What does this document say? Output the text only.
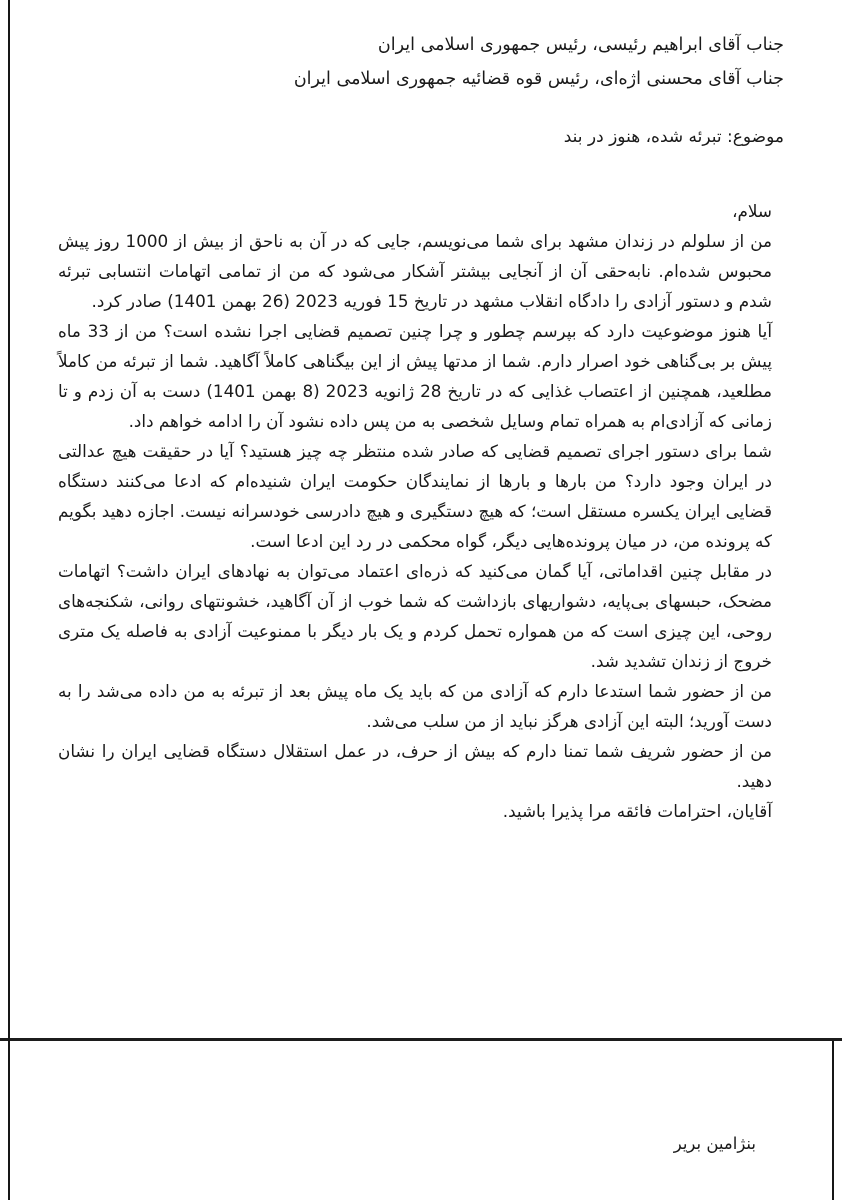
جناب آقای ابراهیم رئیسی، رئیس جمهوری اسلامی ایران
جناب آقای محسنی اژه‌ای، رئیس قوه قضائیه جمهوری اسلامی ایران
موضوع: تبرئه شده، هنوز در بند

سلام،

من از سلولم در زندان مشهد برای شما می‌نویسم، جایی که در آن به ناحق از بیش از 1000 روز پیش محبوس شده‌ام. نابه‌حقی آن از آنجایی بیشتر آشکار می‌شود که من از تمامی اتهامات انتسابی تبرئه شدم و دستور آزادی را دادگاه انقلاب مشهد در تاریخ 15 فوریه 2023 (26 بهمن 1401) صادر کرد.

آیا هنوز موضوعیت دارد که بپرسم چطور و چرا چنین تصمیم قضایی اجرا نشده است؟ من از 33 ماه پیش بر بی‌گناهی خود اصرار دارم. شما از مدتها پیش از این بیگناهی کاملاً آگاهید. شما از تبرئه من کاملاً مطلعید، همچنین از اعتصاب غذایی که در تاریخ 28 ژانویه 2023 (8 بهمن 1401) دست به آن زدم و تا زمانی که آزادی‌ام به همراه تمام وسایل شخصی به من پس داده نشود آن را ادامه خواهم داد.

شما برای دستور اجرای تصمیم قضایی که صادر شده منتظر چه چیز هستید؟ آیا در حقیقت هیچ عدالتی در ایران وجود دارد؟ من بارها و بارها از نمایندگان حکومت ایران شنیده‌ام که ادعا می‌کنند دستگاه قضایی ایران یکسره مستقل است؛ که هیچ دستگیری و هیچ دادرسی خودسرانه نیست. اجازه دهید بگویم که پرونده من، در میان پرونده‌هایی دیگر، گواه محکمی در رد این ادعا است.

در مقابل چنین اقداماتی، آیا گمان می‌کنید که ذره‌ای اعتماد می‌توان به نهادهای ایران داشت؟ اتهامات مضحک، حبسهای بی‌پایه، دشواریهای بازداشت که شما خوب از آن آگاهید، خشونتهای روانی، شکنجه‌های روحی، این چیزی است که من همواره تحمل کردم و یک بار دیگر با ممنوعیت آزادی به فاصله یک متری خروج از زندان تشدید شد.

من از حضور شما استدعا دارم که آزادی من که باید یک ماه پیش بعد از تبرئه به من داده می‌شد را به دست آورید؛ البته این آزادی هرگز نباید از من سلب می‌شد.

من از حضور شریف شما تمنا دارم که بیش از حرف، در عمل استقلال دستگاه قضایی ایران را نشان دهید.

آقایان، احترامات فائقه مرا پذیرا باشید.

بنژامین بریر
